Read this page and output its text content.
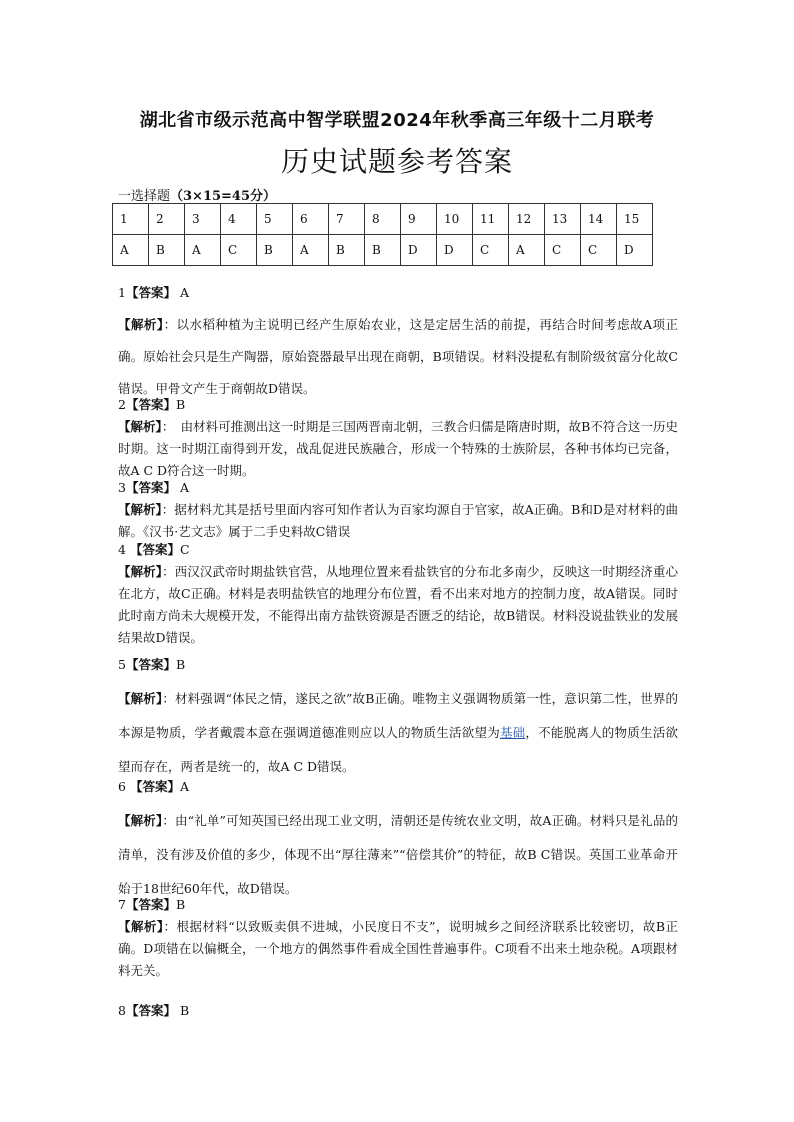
湖北省市级示范高中智学联盟2024年秋季高三年级十二月联考
历史试题参考答案
一选择题（3×15=45分）
1	2	3	4	5	6	7	8	9	10	11	12	13	14	15
A	B	A	C	B	A	B	B	D	D	C	A	C	C	D
1【答案】 A
【解析】：以水稻种植为主说明已经产生原始农业，这是定居生活的前提，再结合时间考虑故A项正确。原始社会只是生产陶器，原始瓷器最早出现在商朝，B项错误。材料没提私有制阶级贫富分化故C错误。甲骨文产生于商朝故D错误。
2【答案】B
【解析】：　由材料可推测出这一时期是三国两晋南北朝，三教合归儒是隋唐时期，故B不符合这一历史时期。这一时期江南得到开发，战乱促进民族融合，形成一个特殊的士族阶层，各种书体均已完备，故A C D符合这一时期。
3【答案】 A
【解析】：据材料尤其是括号里面内容可知作者认为百家均源自于官家，故A正确。B和D是对材料的曲解。《汉书·艺文志》属于二手史料故C错误
4 【答案】C
【解析】：西汉汉武帝时期盐铁官营，从地理位置来看盐铁官的分布北多南少，反映这一时期经济重心在北方，故C正确。材料是表明盐铁官的地理分布位置，看不出来对地方的控制力度，故A错误。同时此时南方尚未大规模开发，不能得出南方盐铁资源是否匮乏的结论，故B错误。材料没说盐铁业的发展结果故D错误。
5【答案】B
【解析】：材料强调“体民之情，遂民之欲”故B正确。唯物主义强调物质第一性，意识第二性，世界的本源是物质，学者戴震本意在强调道德准则应以人的物质生活欲望为基础，不能脱离人的物质生活欲望而存在，两者是统一的，故A C D错误。
6 【答案】A
【解析】：由“礼单”可知英国已经出现工业文明，清朝还是传统农业文明，故A正确。材料只是礼品的清单，没有涉及价值的多少，体现不出“厚往薄来”“倍偿其价”的特征，故B C错误。英国工业革命开始于18世纪60年代，故D错误。
7【答案】B
【解析】：根据材料“以致贩卖俱不进城，小民度日不支”，说明城乡之间经济联系比较密切，故B正确。D项错在以偏概全，一个地方的偶然事件看成全国性普遍事件。C项看不出来土地杂税。A项跟材料无关。
8【答案】 B
